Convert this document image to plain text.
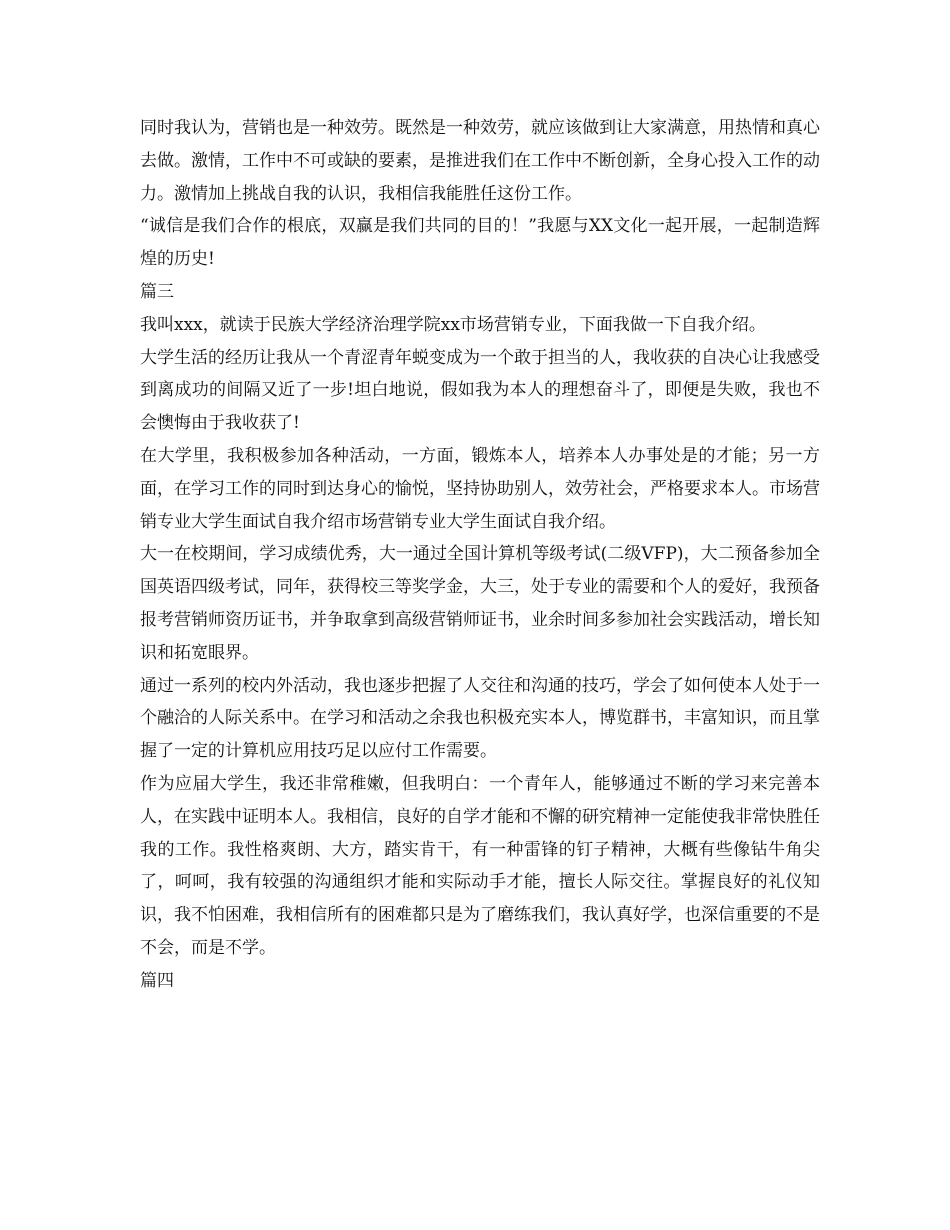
同时我认为，营销也是一种效劳。既然是一种效劳，就应该做到让大家满意，用热情和真心去做。激情，工作中不可或缺的要素，是推进我们在工作中不断创新，全身心投入工作的动力。激情加上挑战自我的认识，我相信我能胜任这份工作。

“诚信是我们合作的根底，双赢是我们共同的目的！”我愿与XX文化一起开展，一起制造辉煌的历史!

篇三

我叫xxx，就读于民族大学经济治理学院xx市场营销专业，下面我做一下自我介绍。

大学生活的经历让我从一个青涩青年蜕变成为一个敢于担当的人，我收获的自决心让我感受到离成功的间隔又近了一步!坦白地说，假如我为本人的理想奋斗了，即便是失败，我也不会懊悔由于我收获了!

在大学里，我积极参加各种活动，一方面，锻炼本人，培养本人办事处是的才能；另一方面，在学习工作的同时到达身心的愉悦，坚持协助别人，效劳社会，严格要求本人。市场营销专业大学生面试自我介绍市场营销专业大学生面试自我介绍。

大一在校期间，学习成绩优秀，大一通过全国计算机等级考试(二级VFP)，大二预备参加全国英语四级考试，同年，获得校三等奖学金，大三，处于专业的需要和个人的爱好，我预备报考营销师资历证书，并争取拿到高级营销师证书，业余时间多参加社会实践活动，增长知识和拓宽眼界。

通过一系列的校内外活动，我也逐步把握了人交往和沟通的技巧，学会了如何使本人处于一个融洽的人际关系中。在学习和活动之余我也积极充实本人，博览群书，丰富知识，而且掌握了一定的计算机应用技巧足以应付工作需要。

作为应届大学生，我还非常稚嫩，但我明白：一个青年人，能够通过不断的学习来完善本人，在实践中证明本人。我相信，良好的自学才能和不懈的研究精神一定能使我非常快胜任我的工作。我性格爽朗、大方，踏实肯干，有一种雷锋的钉子精神，大概有些像钻牛角尖了，呵呵，我有较强的沟通组织才能和实际动手才能，擅长人际交往。掌握良好的礼仪知识，我不怕困难，我相信所有的困难都只是为了磨练我们，我认真好学，也深信重要的不是不会，而是不学。

篇四
